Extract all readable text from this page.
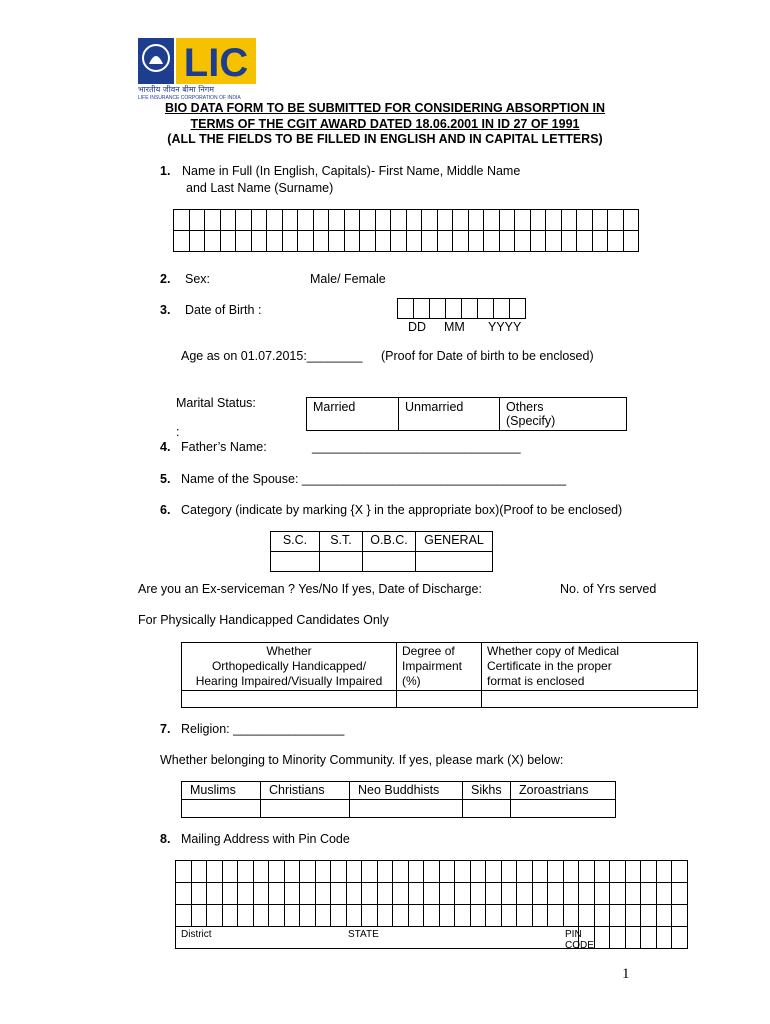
LIC
भारतीय जीवन बीमा निगम
LIFE INSURANCE CORPORATION OF INDIA
BIO DATA FORM TO BE SUBMITTED FOR CONSIDERING ABSORPTION IN
TERMS OF THE CGIT AWARD DATED 18.06.2001 IN ID 27 OF 1991
(ALL THE FIELDS TO BE FILLED IN ENGLISH AND IN CAPITAL LETTERS)
1. Name in Full (In English, Capitals)- First Name, Middle Name
and Last Name (Surname)

2. Sex:	Male/ Female
3. Date of Birth :

DD MM YYYY
Age as on 01.07.2015:________ (Proof for Date of birth to be enclosed)
Marital Status:	Married	Unmarried	Others
(Specify)
:
4. Father’s Name:	______________________________
5. Name of the Spouse: ______________________________________
6. Category (indicate by marking {X } in the appropriate box)(Proof to be enclosed)
S.C.	S.T.	O.B.C.	GENERAL

Are you an Ex-serviceman ? Yes/No If yes, Date of Discharge:	No. of Yrs served
For Physically Handicapped Candidates Only
Whether
Orthopedically Handicapped/
Hearing Impaired/Visually Impaired	Degree of
Impairment
(%)	Whether copy of Medical
Certificate in the proper
format is enclosed

7. Religion: ________________
Whether belonging to Minority Community. If yes, please mark (X) below:
Muslims	Christians	Neo Buddhists	Sikhs	Zoroastrians

8. Mailing Address with Pin Code

District STATE PIN CODE																																

1
